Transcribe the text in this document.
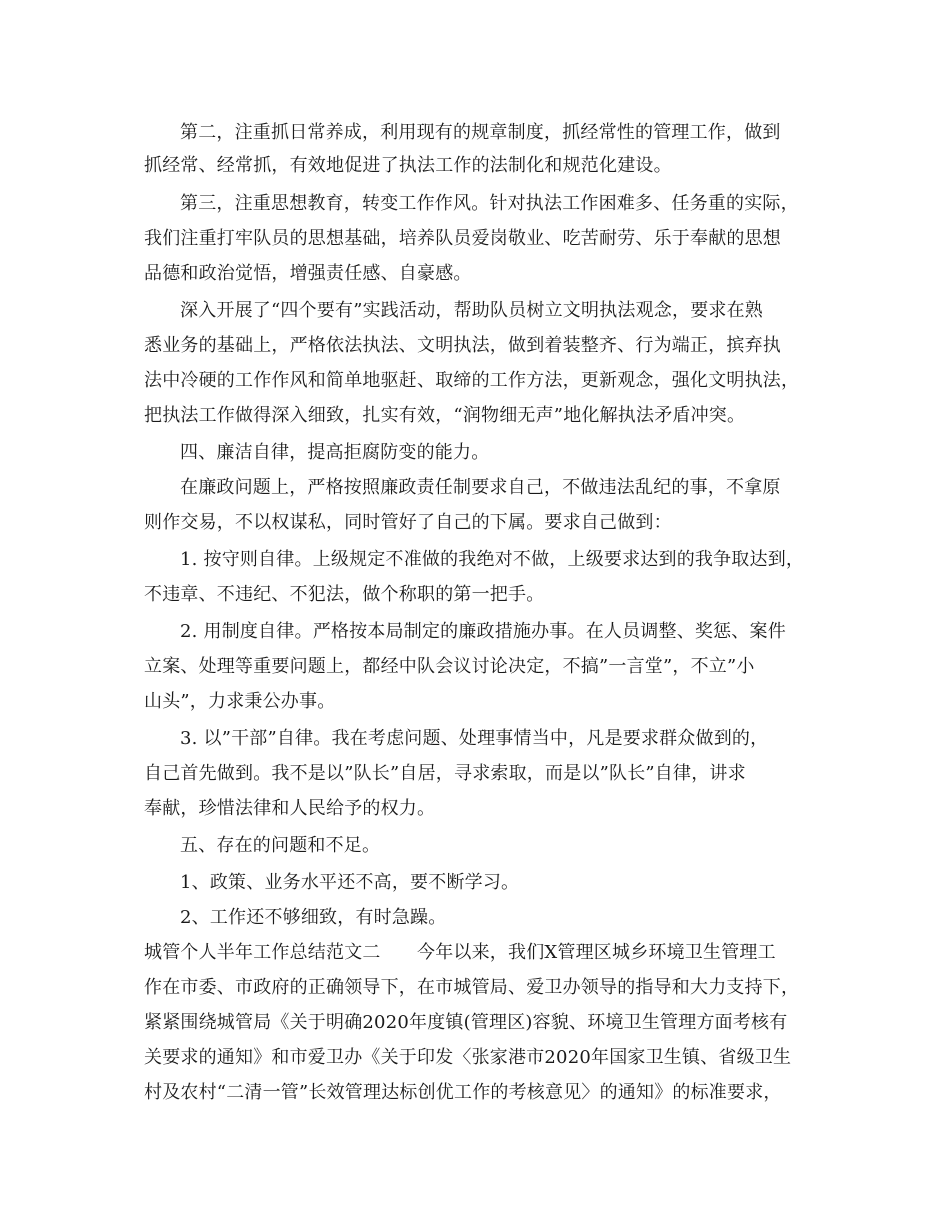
第二，注重抓日常养成，利用现有的规章制度，抓经常性的管理工作，做到
抓经常、经常抓，有效地促进了执法工作的法制化和规范化建设。
第三，注重思想教育，转变工作作风。针对执法工作困难多、任务重的实际，
我们注重打牢队员的思想基础，培养队员爱岗敬业、吃苦耐劳、乐于奉献的思想
品德和政治觉悟，增强责任感、自豪感。
深入开展了“四个要有”实践活动，帮助队员树立文明执法观念，要求在熟
悉业务的基础上，严格依法执法、文明执法，做到着装整齐、行为端正，摈弃执
法中冷硬的工作作风和简单地驱赶、取缔的工作方法，更新观念，强化文明执法，
把执法工作做得深入细致，扎实有效，“润物细无声”地化解执法矛盾冲突。
四、廉洁自律，提高拒腐防变的能力。
在廉政问题上，严格按照廉政责任制要求自己，不做违法乱纪的事，不拿原
则作交易，不以权谋私，同时管好了自己的下属。要求自己做到：
1. 按守则自律。上级规定不准做的我绝对不做，上级要求达到的我争取达到，
不违章、不违纪、不犯法，做个称职的第一把手。
2. 用制度自律。严格按本局制定的廉政措施办事。在人员调整、奖惩、案件
立案、处理等重要问题上，都经中队会议讨论决定，不搞”一言堂”，不立”小
山头”，力求秉公办事。
3. 以”干部”自律。我在考虑问题、处理事情当中，凡是要求群众做到的，
自己首先做到。我不是以”队长”自居，寻求索取，而是以”队长”自律，讲求
奉献，珍惜法律和人民给予的权力。
五、存在的问题和不足。
1、政策、业务水平还不高，要不断学习。
2、工作还不够细致，有时急躁。
城管个人半年工作总结范文二　　今年以来，我们X管理区城乡环境卫生管理工
作在市委、市政府的正确领导下，在市城管局、爱卫办领导的指导和大力支持下，
紧紧围绕城管局《关于明确2020年度镇(管理区)容貌、环境卫生管理方面考核有
关要求的通知》和市爱卫办《关于印发〈张家港市2020年国家卫生镇、省级卫生
村及农村“二清一管”长效管理达标创优工作的考核意见〉的通知》的标准要求，
